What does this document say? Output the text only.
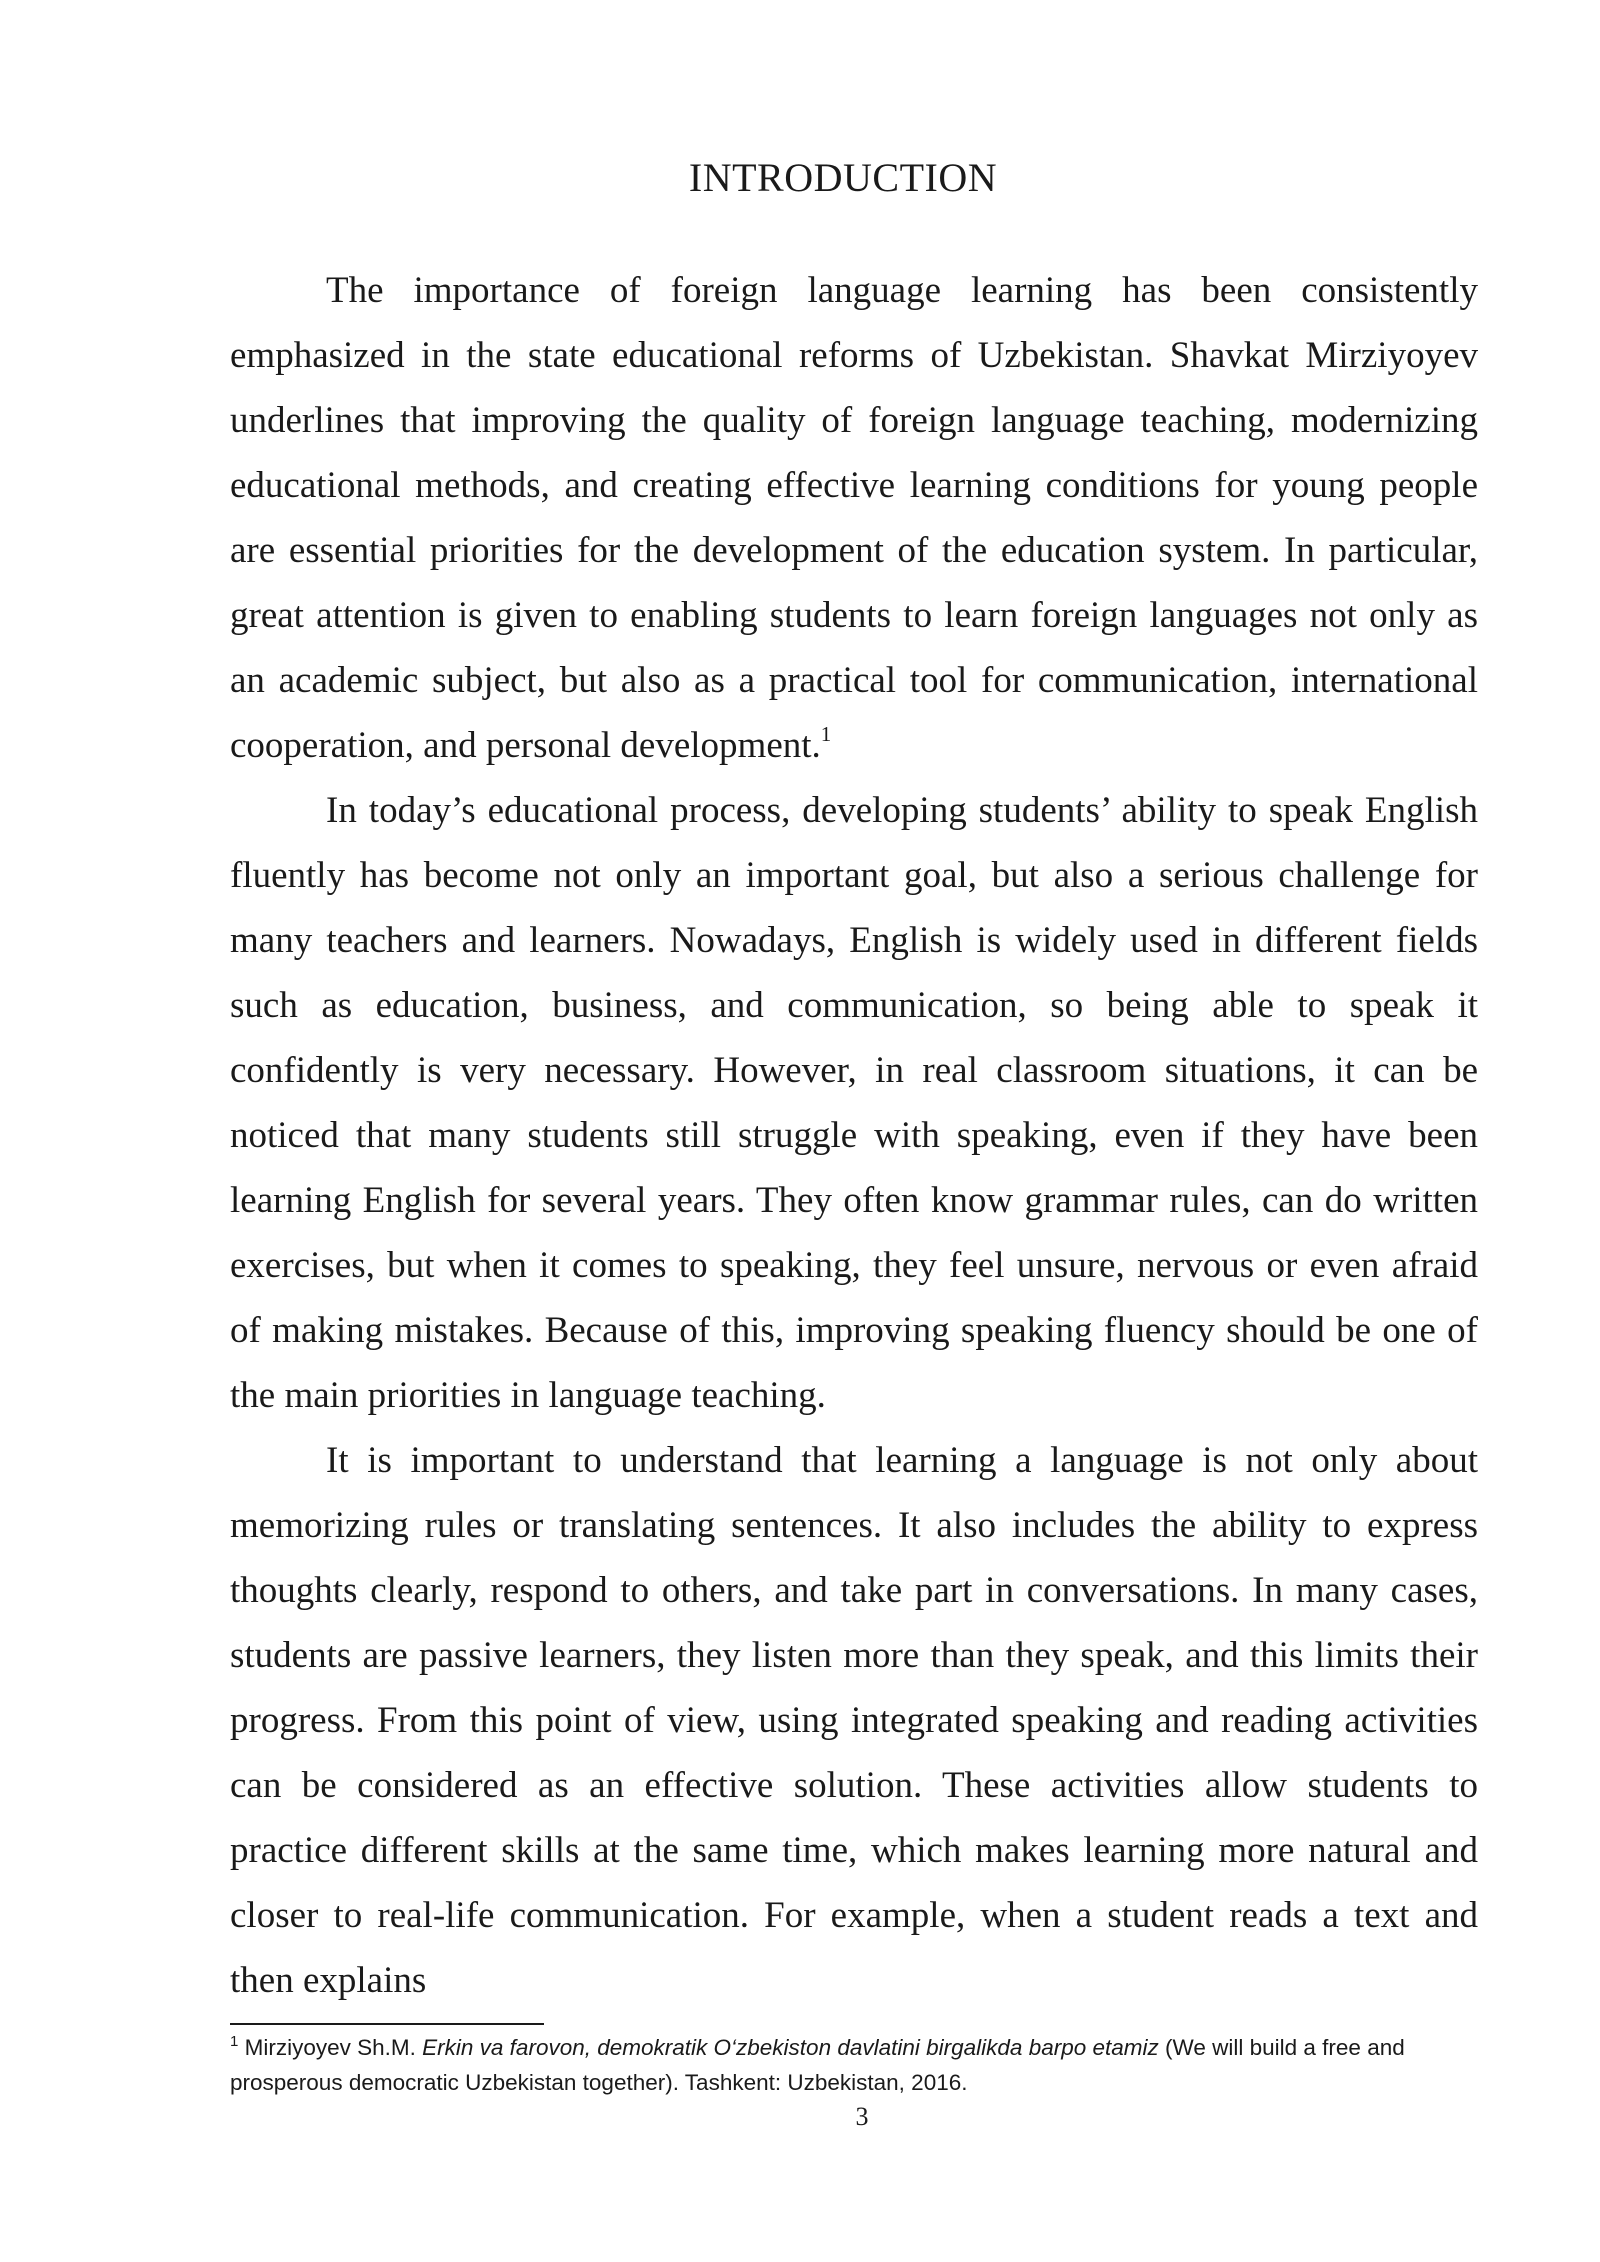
INTRODUCTION

The importance of foreign language learning has been consistently emphasized in the state educational reforms of Uzbekistan. Shavkat Mirziyoyev underlines that improving the quality of foreign language teaching, modernizing educational methods, and creating effective learning conditions for young people are essential priorities for the development of the education system. In particular, great attention is given to enabling students to learn foreign languages not only as an academic subject, but also as a practical tool for communication, international cooperation, and personal development.$^1$

In today’s educational process, developing students’ ability to speak English fluently has become not only an important goal, but also a serious challenge for many teachers and learners. Nowadays, English is widely used in different fields such as education, business, and communication, so being able to speak it confidently is very necessary. However, in real classroom situations, it can be noticed that many students still struggle with speaking, even if they have been learning English for several years. They often know grammar rules, can do written exercises, but when it comes to speaking, they feel unsure, nervous or even afraid of making mistakes. Because of this, improving speaking fluency should be one of the main priorities in language teaching.

It is important to understand that learning a language is not only about memorizing rules or translating sentences. It also includes the ability to express thoughts clearly, respond to others, and take part in conversations. In many cases, students are passive learners, they listen more than they speak, and this limits their progress. From this point of view, using integrated speaking and reading activities can be considered as an effective solution. These activities allow students to practice different skills at the same time, which makes learning more natural and closer to real-life communication. For example, when a student reads a text and then explains

$^1$ Mirziyoyev Sh.M. Erkin va farovon, demokratik O‘zbekiston davlatini birgalikda barpo etamiz (We will build a free and prosperous democratic Uzbekistan together). Tashkent: Uzbekistan, 2016.
3
